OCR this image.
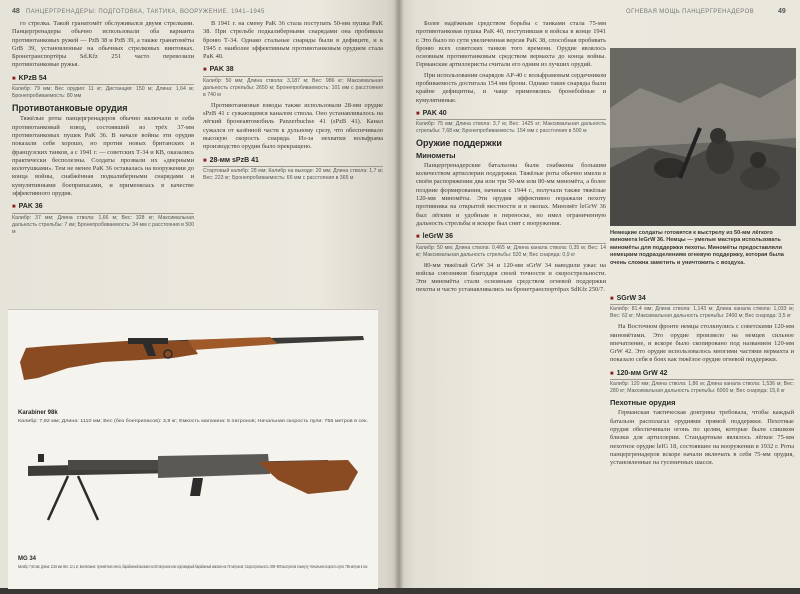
48 ПАНЦЕРГРЕНАДЕРЫ: ПОДГОТОВКА, ТАКТИКА, ВООРУЖЕНИЕ. 1941–1945

го стрелка. Такой гранатомёт обслуживался двумя стрелками. Панцергренадеры обычно использовали оба варианта противотанковых ружей — PzB 38 и PzB 39, а также гранатомёты GrB 39, установленные на обычных стрелковых винтовках. Бронетранспортёры Sd.Kfz 251 часто перевозили противотанковые ружья.

■ KPzB 54
Калибр: 79 мм; Вес орудия: 11 кг; Дистанция: 150 м; Длина: 1,64 м; Бронепробиваемость: 80 мм
Противотанковые орудия

Тяжёлые роты панцергренадеров обычно включали в себя противотанковый взвод, состоявший из трёх 37-мм противотанковых пушек PaK 36. В начале войны эти орудия показали себя хорошо, но против новых британских и французских танков, а с 1941 г. — советских Т-34 и КВ, оказались практически бесполезны. Солдаты прозвали их «дверными колотушками». Тем не менее PaK 36 оставалась на вооружении до конца войны, снабжённая подкалиберными снарядами и кумулятивными боеприпасами, и применялась в качестве эффективного орудия.

■ PAK 36
Калибр: 37 мм; Длина ствола: 1,66 м; Вес: 328 кг; Максимальная дальность стрельбы: 7 км; Бронепробиваемость: 34 мм с расстояния в 500 м

В 1941 г. на смену PaK 36 стала поступать 50-мм пушка PaK 38. При стрельбе подкалиберными снарядами она пробивала броню Т-34. Однако стальные снаряды были в дефиците, и к 1945 г. наиболее эффективным противотанковым орудием стала PaK 40.

■ PAK 38
Калибр: 50 мм; Длина ствола: 3,187 м; Вес: 986 кг; Максимальная дальность стрельбы: 2650 м; Бронепробиваемость: 101 мм с расстояния в 740 м

Противотанковые взводы также использовали 28-мм орудие sPzB 41 с сужающимся каналом ствола. Оно устанавливалось на лёгкий бронеавтомобиль Panzerbuchse 41 (sPzB 41). Канал сужался от казённой части к дульному срезу, что обеспечивало высокую скорость снаряда. Из-за нехватки вольфрама производство орудия было прекращено.

■ 28-мм sPzB 41
Стартовый калибр: 28 мм; Калибр на выходе: 20 мм; Длина ствола: 1,7 м; Вес: 223 кг; Бронепробиваемость: 66 мм с расстояния в 365 м
Karabiner 98k
Калибр: 7,92 мм; Длина: 1110 мм; Вес (без боеприпасов): 3,9 кг; Емкость магазина: 5 патронов; Начальная скорость пули: 755 метров в сек.
MG 34
Калибр: 7,92 мм; Длина: 1219 мм; Вес: 12,1 кг; Боепитание: пулемётная лента, барабанный магазин на 50 патронов или седловидный барабанный магазин на 75 патронов; Скорострельность: 800–900 выстрелов в минуту; Начальная скорость пули: 755 метров в сек.
ОГНЕВАЯ МОЩЬ ПАНЦЕРГРЕНАДЕРОВ	49

Более надёжным средством борьбы с танками стала 75-мм противотанковая пушка PaK 40, поступившая в войска в конце 1941 г. Это было по сути увеличенная версия PaK 38, способная пробивать броню всех советских танков того времени. Орудие являлось основным противотанковым средством вермахта до конца войны. Германские артиллеристы считали его одним из лучших орудий.

При использовании снарядов AP-40 с вольфрамовым сердечником пробиваемость достигала 154 мм брони. Однако такие снаряды были крайне дефицитны, и чаще применялись бронебойные и кумулятивные.

■ PAK 40
Калибр: 75 мм; Длина ствола: 3,7 м; Вес: 1425 кг; Максимальная дальность стрельбы: 7,68 км; Бронепробиваемость: 154 мм с расстояния в 500 м
Оружие поддержки
Минометы

Панцергренадерские батальоны были снабжены большим количеством артиллерии поддержки. Тяжёлые роты обычно имели в своём распоряжении два или три 50-мм или 80-мм миномёта, а более поздние формирования, начиная с 1944 г., получали также тяжёлые 120-мм миномёты. Эти орудия эффективно поражали пехоту противника на открытой местности и в окопах. Миномёт leGrW 36 был лёгким и удобным в переноске, но имел ограниченную дальность стрельбы и вскоре был снят с вооружения.

■ leGrW 36
Калибр: 50 мм; Длина ствола: 0,465 м; Длина канала ствола: 0,35 м; Вес: 14 кг; Максимальная дальность стрельбы: 520 м; Вес снаряда: 0,9 кг

80-мм тяжёлый GrW 34 и 120-мм sGrW 34 наводили ужас на войска союзников благодаря своей точности и скорострельности. Эти миномёты стали основным средством огневой поддержки пехоты и часто устанавливались на бронетранспортёрах SdKfz 250/7.

■ SGrW 34
Калибр: 81,4 мм; Длина ствола: 1,143 м; Длина канала ствола: 1,033 м; Вес: 62 кг; Максимальная дальность стрельбы: 2400 м; Вес снаряда: 3,5 кг

На Восточном фронте немцы столкнулись с советскими 120-мм миномётами. Это орудие произвело на немцев сильное впечатление, и вскоре было скопировано под названием 120-мм GrW 42. Это орудие использовалось многими частями вермахта и показало себя в боях как тяжёлое орудие огневой поддержки.

■ 120-мм GrW 42
Калибр: 120 мм; Длина ствола: 1,86 м; Длина канала ствола: 1,536 м; Вес: 280 кг; Максимальная дальность стрельбы: 6000 м; Вес снаряда: 15,6 кг
Пехотные орудия

Германская тактическая доктрина требовала, чтобы каждый батальон располагал орудиями прямой поддержки. Пехотные орудия обеспечивали огонь по целям, которые были слишком близки для артиллерии. Стандартным являлось лёгкое 75-мм пехотное орудие leIG 18, состоявшее на вооружении в 1932 г. Роты панцергренадеров вскоре начали включать в себя 75-мм орудия, установленные на гусеничных шасси.

Немецкие солдаты готовятся к выстрелу из 50-мм лёгкого миномета leGrW 36. Немцы — умелые мастера использовать миномёты для поддержки пехоты. Миномёты предоставляли немецким подразделениям огневую поддержку, которая была очень сложна заметить и уничтожить с воздуха.
